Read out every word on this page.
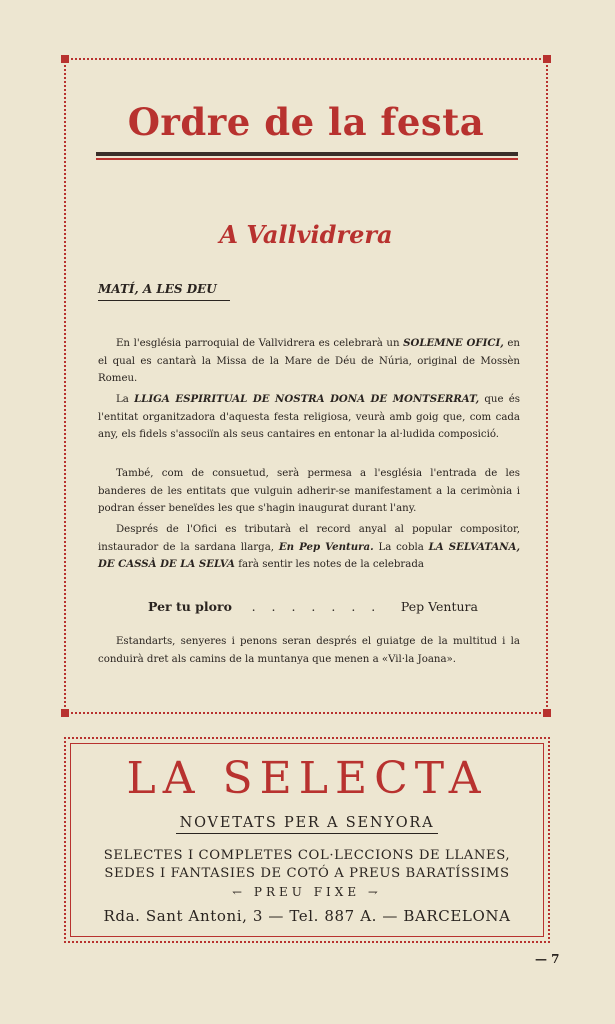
Ordre de la festa
A Vallvidrera
MATÍ, A LES DEU
En l'església parroquial de Vallvidrera es celebrarà un SOLEMNE OFICI, en el qual es cantarà la Missa de la Mare de Déu de Núria, original de Mossèn Romeu.
La LLIGA ESPIRITUAL DE NOSTRA DONA DE MONTSERRAT, que és l'entitat organitzadora d'aquesta festa religiosa, veurà amb goig que, com cada any, els fidels s'associïn als seus cantaires en entonar la al·ludida composició.
També, com de consuetud, serà permesa a l'església l'entrada de les banderes de les entitats que vulguin adherir-se manifestament a la cerimònia i podran ésser beneïdes les que s'hagin inaugurat durant l'any.
Després de l'Ofici es tributarà el record anyal al popular compositor, instaurador de la sardana llarga, En Pep Ventura. La cobla LA SELVATANA, DE CASSÀ DE LA SELVA farà sentir les notes de la celebrada
Per tu ploro . . . . . . . Pep Ventura
Estandarts, senyeres i penons seran després el guiatge de la multitud i la conduirà dret als camins de la muntanya que menen a «Vil·la Joana».
LA SELECTA
NOVETATS PER A SENYORA
SELECTES I COMPLETES COL·LECCIONS DE LLANES,
SEDES I FANTASIES DE COTÓ A PREUS BARATÍSSIMS
↽ PREU FIXE ⇁
Rda. Sant Antoni, 3 — Tel. 887 A. — BARCELONA
— 7
